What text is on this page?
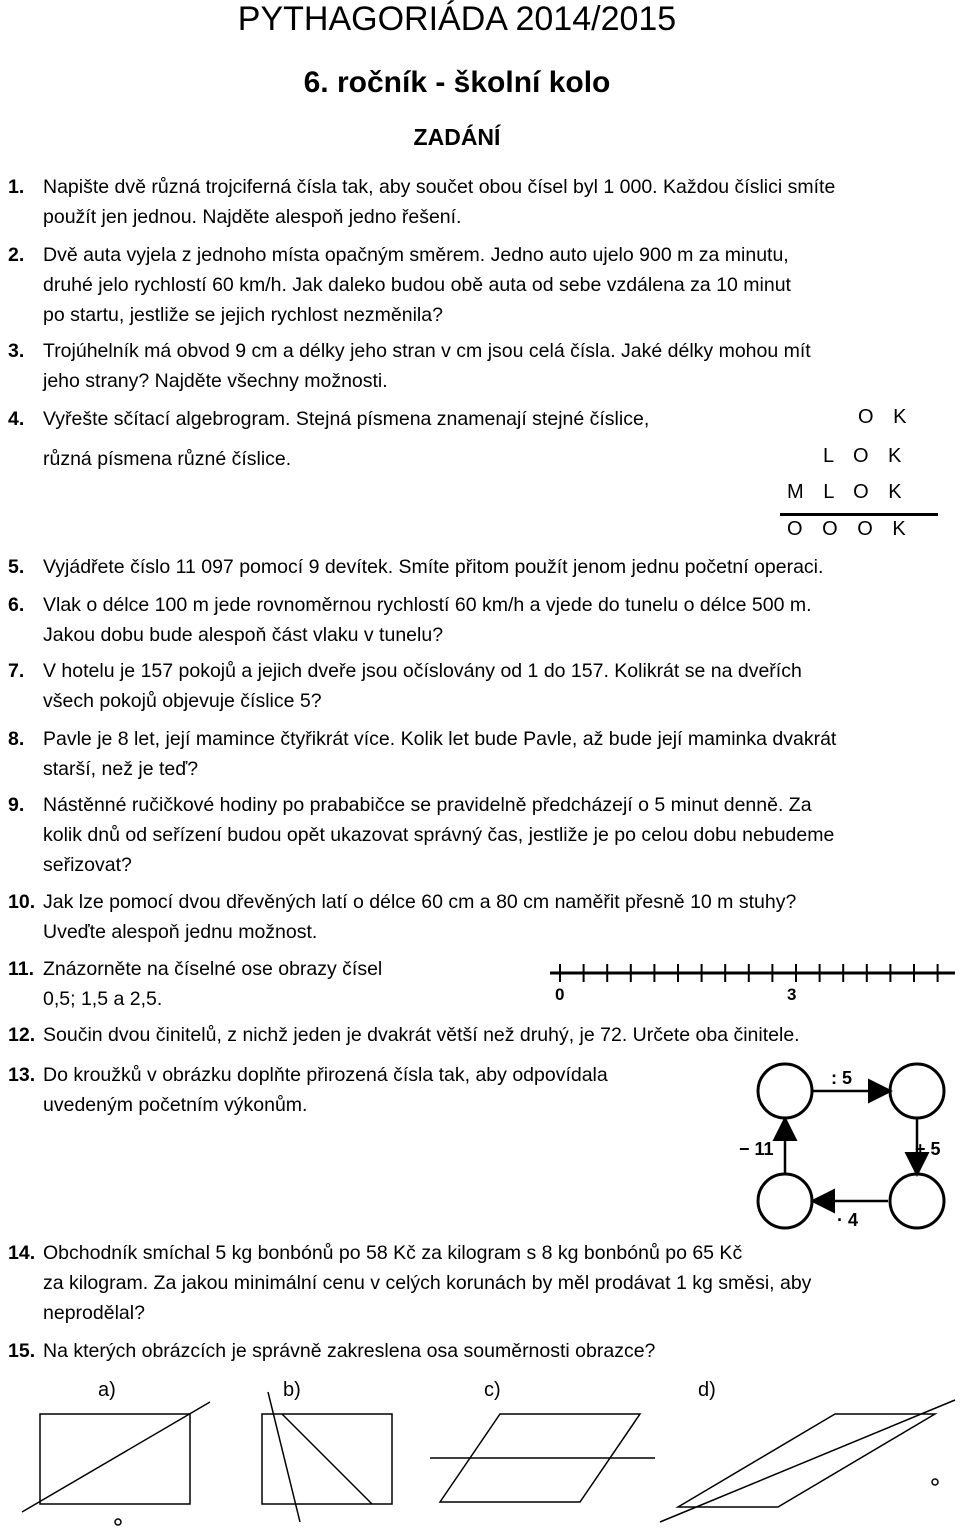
PYTHAGORIÁDA 2014/2015
6. ročník - školní kolo
ZADÁNÍ
1. Napište dvě různá trojciferná čísla tak, aby součet obou čísel byl 1 000. Každou číslici smíte
použít jen jednou. Najděte alespoň jedno řešení.
2. Dvě auta vyjela z jednoho místa opačným směrem. Jedno auto ujelo 900 m za minutu,
druhé jelo rychlostí 60 km/h. Jak daleko budou obě auta od sebe vzdálena za 10 minut
po startu, jestliže se jejich rychlost nezměnila?
3. Trojúhelník má obvod 9 cm a délky jeho stran v cm jsou celá čísla. Jaké délky mohou mít
jeho strany? Najděte všechny možnosti.
4. Vyřešte sčítací algebrogram. Stejná písmena znamenají stejné číslice,
různá písmena různé číslice.
5. Vyjádřete číslo 11 097 pomocí 9 devítek. Smíte přitom použít jenom jednu početní operaci.
6. Vlak o délce 100 m jede rovnoměrnou rychlostí 60 km/h a vjede do tunelu o délce 500 m.
Jakou dobu bude alespoň část vlaku v tunelu?
7. V hotelu je 157 pokojů a jejich dveře jsou očíslovány od 1 do 157. Kolikrát se na dveřích
všech pokojů objevuje číslice 5?
8. Pavle je 8 let, její mamince čtyřikrát více. Kolik let bude Pavle, až bude její maminka dvakrát
starší, než je teď?
9. Nástěnné ručičkové hodiny po prababičce se pravidelně předcházejí o 5 minut denně. Za
kolik dnů od seřízení budou opět ukazovat správný čas, jestliže je po celou dobu nebudeme
seřizovat?
10. Jak lze pomocí dvou dřevěných latí o délce 60 cm a 80 cm naměřit přesně 10 m stuhy?
Uveďte alespoň jednu možnost.
11. Znázorněte na číselné ose obrazy čísel
0,5; 1,5 a 2,5.
12. Součin dvou činitelů, z nichž jeden je dvakrát větší než druhý, je 72. Určete oba činitele.
13. Do kroužků v obrázku doplňte přirozená čísla tak, aby odpovídala
uvedeným početním výkonům.
14. Obchodník smíchal 5 kg bonbónů po 58 Kč za kilogram s 8 kg bonbónů po 65 Kč
za kilogram. Za jakou minimální cenu v celých korunách by měl prodávat 1 kg směsi, aby
neprodělal?
15. Na kterých obrázcích je správně zakreslena osa souměrnosti obrazce?
O K
L O K
M L O K
O O O K
0	3
: 5
− 11	+ 5
· 4
a)	b)	c)	d)
